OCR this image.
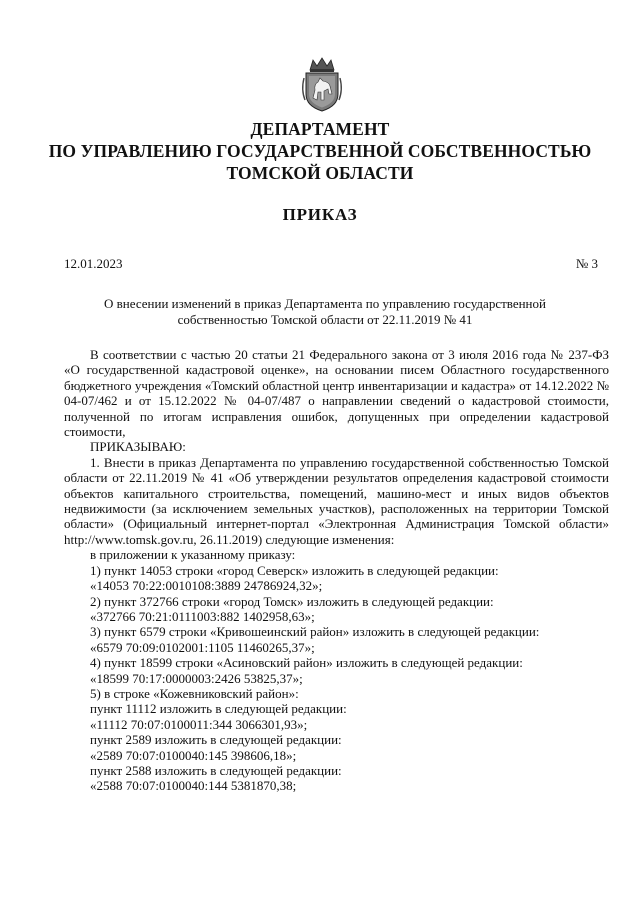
ДЕПАРТАМЕНТ
ПО УПРАВЛЕНИЮ ГОСУДАРСТВЕННОЙ СОБСТВЕННОСТЬЮ
ТОМСКОЙ ОБЛАСТИ
ПРИКАЗ
12.01.2023	№ 3
О внесении изменений в приказ Департамента по управлению государственной
собственностью Томской области от 22.11.2019 № 41

В соответствии с частью 20 статьи 21 Федерального закона от 3 июля 2016 года № 237-ФЗ «О государственной кадастровой оценке», на основании писем Областного государственного бюджетного учреждения «Томский областной центр инвентаризации и кадастра» от 14.12.2022 № 04-07/462 и от 15.12.2022 № 04-07/487 о направлении сведений о кадастровой стоимости, полученной по итогам исправления ошибок, допущенных при определении кадастровой стоимости,

ПРИКАЗЫВАЮ:

1. Внести в приказ Департамента по управлению государственной собственностью Томской области от 22.11.2019 № 41 «Об утверждении результатов определения кадастровой стоимости объектов капитального строительства, помещений, машино-мест и иных видов объектов недвижимости (за исключением земельных участков), расположенных на территории Томской области» (Официальный интернет-портал «Электронная Администрация Томской области» http://www.tomsk.gov.ru, 26.11.2019) следующие изменения:

в приложении к указанному приказу:

1) пункт 14053 строки «город Северск» изложить в следующей редакции:

«14053 70:22:0010108:3889 24786924,32»;

2) пункт 372766 строки «город Томск» изложить в следующей редакции:

«372766 70:21:0111003:882 1402958,63»;

3) пункт 6579 строки «Кривошеинский район» изложить в следующей редакции:

«6579 70:09:0102001:1105 11460265,37»;

4) пункт 18599 строки «Асиновский район» изложить в следующей редакции:

«18599 70:17:0000003:2426 53825,37»;

5) в строке «Кожевниковский район»:

пункт 11112 изложить в следующей редакции:

«11112 70:07:0100011:344 3066301,93»;

пункт 2589 изложить в следующей редакции:

«2589 70:07:0100040:145 398606,18»;

пункт 2588 изложить в следующей редакции:

«2588 70:07:0100040:144 5381870,38;
